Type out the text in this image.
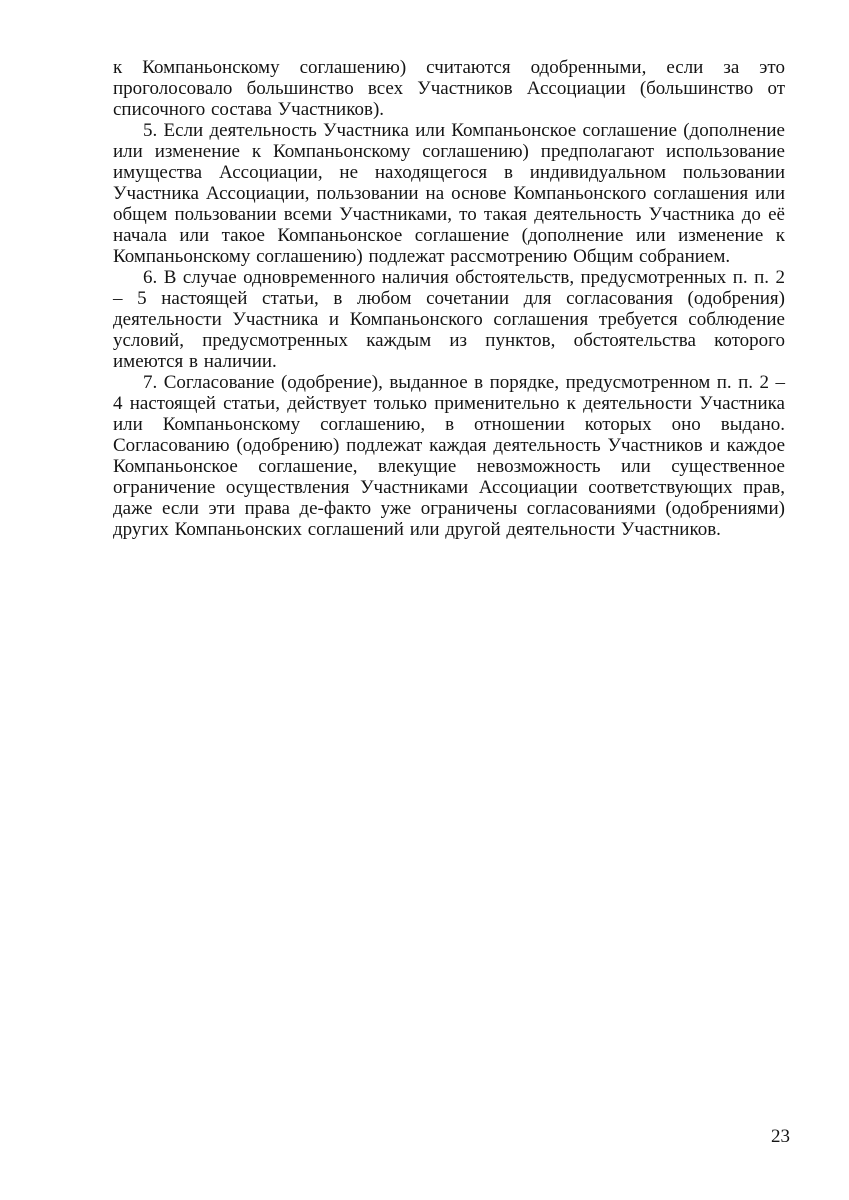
к Компаньонскому соглашению) считаются одобренными, если за это проголосовало большинство всех Участников Ассоциации (большинство от списочного состава Участников).

5. Если деятельность Участника или Компаньонское соглашение (дополнение или изменение к Компаньонскому соглашению) предполагают использование имущества Ассоциации, не находящегося в индивидуальном пользовании Участника Ассоциации, пользовании на основе Компаньонского соглашения или общем пользовании всеми Участниками, то такая деятельность Участника до её начала или такое Компаньонское соглашение (дополнение или изменение к Компаньонскому соглашению) подлежат рассмотрению Общим собранием.

6. В случае одновременного наличия обстоятельств, предусмотренных п. п. 2 – 5 настоящей статьи, в любом сочетании для согласования (одобрения) деятельности Участника и Компаньонского соглашения требуется соблюдение условий, предусмотренных каждым из пунктов, обстоятельства которого имеются в наличии.

7. Согласование (одобрение), выданное в порядке, предусмотренном п. п. 2 – 4 настоящей статьи, действует только применительно к деятельности Участника или Компаньонскому соглашению, в отношении которых оно выдано. Согласованию (одобрению) подлежат каждая деятельность Участников и каждое Компаньонское соглашение, влекущие невозможность или существенное ограничение осуществления Участниками Ассоциации соответствующих прав, даже если эти права де-факто уже ограничены согласованиями (одобрениями) других Компаньонских соглашений или другой деятельности Участников.

23
